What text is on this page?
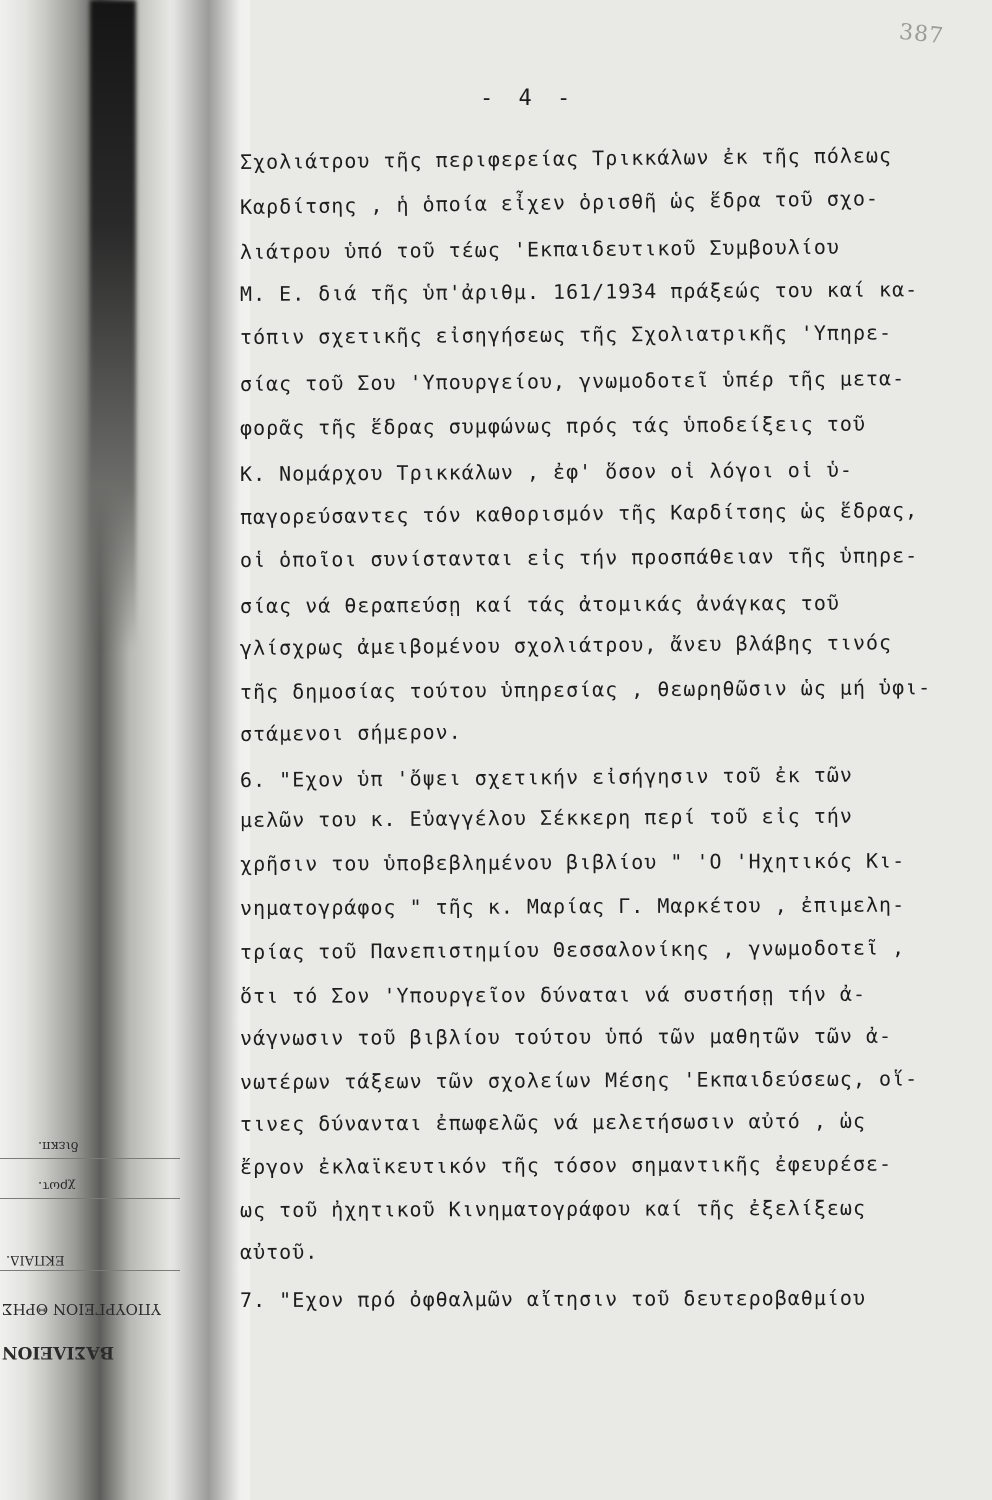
διεκπ.
χρωτ.
ΕΚΠΑΙΔ.
ΥΠΟΥΡΓΕΙΟΝ ΘΡΗΣ
ΒΑΣΙΛΕΙΟΝ
387
- 4 -
Σχολιάτρου τῆς περιφερείας Τρικκάλων ἐκ τῆς πόλεως
Καρδίτσης , ἡ ὁποία εἶχεν ὁρισθῆ ὡς ἕδρα τοῦ σχο-
λιάτρου ὑπό τοῦ τέως 'Εκπαιδευτικοῦ Συμβουλίου
Μ. Ε. διά τῆς ὑπ'ἀριθμ. 161/1934 πράξεώς του καί κα-
τόπιν σχετικῆς εἰσηγήσεως τῆς Σχολιατρικῆς 'Υπηρε-
σίας τοῦ Σου 'Υπουργείου, γνωμοδοτεῖ ὑπέρ τῆς μετα-
φορᾶς τῆς ἕδρας συμφώνως πρός τάς ὑποδείξεις τοῦ
Κ. Νομάρχου Τρικκάλων , ἐφ' ὅσον οἱ λόγοι οἱ ὑ-
παγορεύσαντες τόν καθορισμόν τῆς Καρδίτσης ὡς ἕδρας,
οἱ ὁποῖοι συνίστανται εἰς τήν προσπάθειαν τῆς ὑπηρε-
σίας νά θεραπεύσῃ καί τάς ἀτομικάς ἀνάγκας τοῦ
γλίσχρως ἀμειβομένου σχολιάτρου, ἄνευ βλάβης τινός
τῆς δημοσίας τούτου ὑπηρεσίας , θεωρηθῶσιν ὡς μή ὑφι-
στάμενοι σήμερον.
6. "Εχον ὑπ 'ὄψει σχετικήν εἰσήγησιν τοῦ ἐκ τῶν
μελῶν του κ. Εὐαγγέλου Σέκκερη περί τοῦ εἰς τήν
χρῆσιν του ὑποβεβλημένου βιβλίου " 'Ο 'Ηχητικός Κι-
νηματογράφος " τῆς κ. Μαρίας Γ. Μαρκέτου , ἐπιμελη-
τρίας τοῦ Πανεπιστημίου Θεσσαλονίκης , γνωμοδοτεῖ ,
ὅτι τό Σον 'Υπουργεῖον δύναται νά συστήσῃ τήν ἀ-
νάγνωσιν τοῦ βιβλίου τούτου ὑπό τῶν μαθητῶν τῶν ἀ-
νωτέρων τάξεων τῶν σχολείων Μέσης 'Εκπαιδεύσεως, οἵ-
τινες δύνανται ἐπωφελῶς νά μελετήσωσιν αὐτό , ὡς
ἔργον ἐκλαϊκευτικόν τῆς τόσον σημαντικῆς ἐφευρέσε-
ως τοῦ ἠχητικοῦ Κινηματογράφου καί τῆς ἐξελίξεως
αὐτοῦ.
7. "Εχον πρό ὀφθαλμῶν αἴτησιν τοῦ δευτεροβαθμίου
